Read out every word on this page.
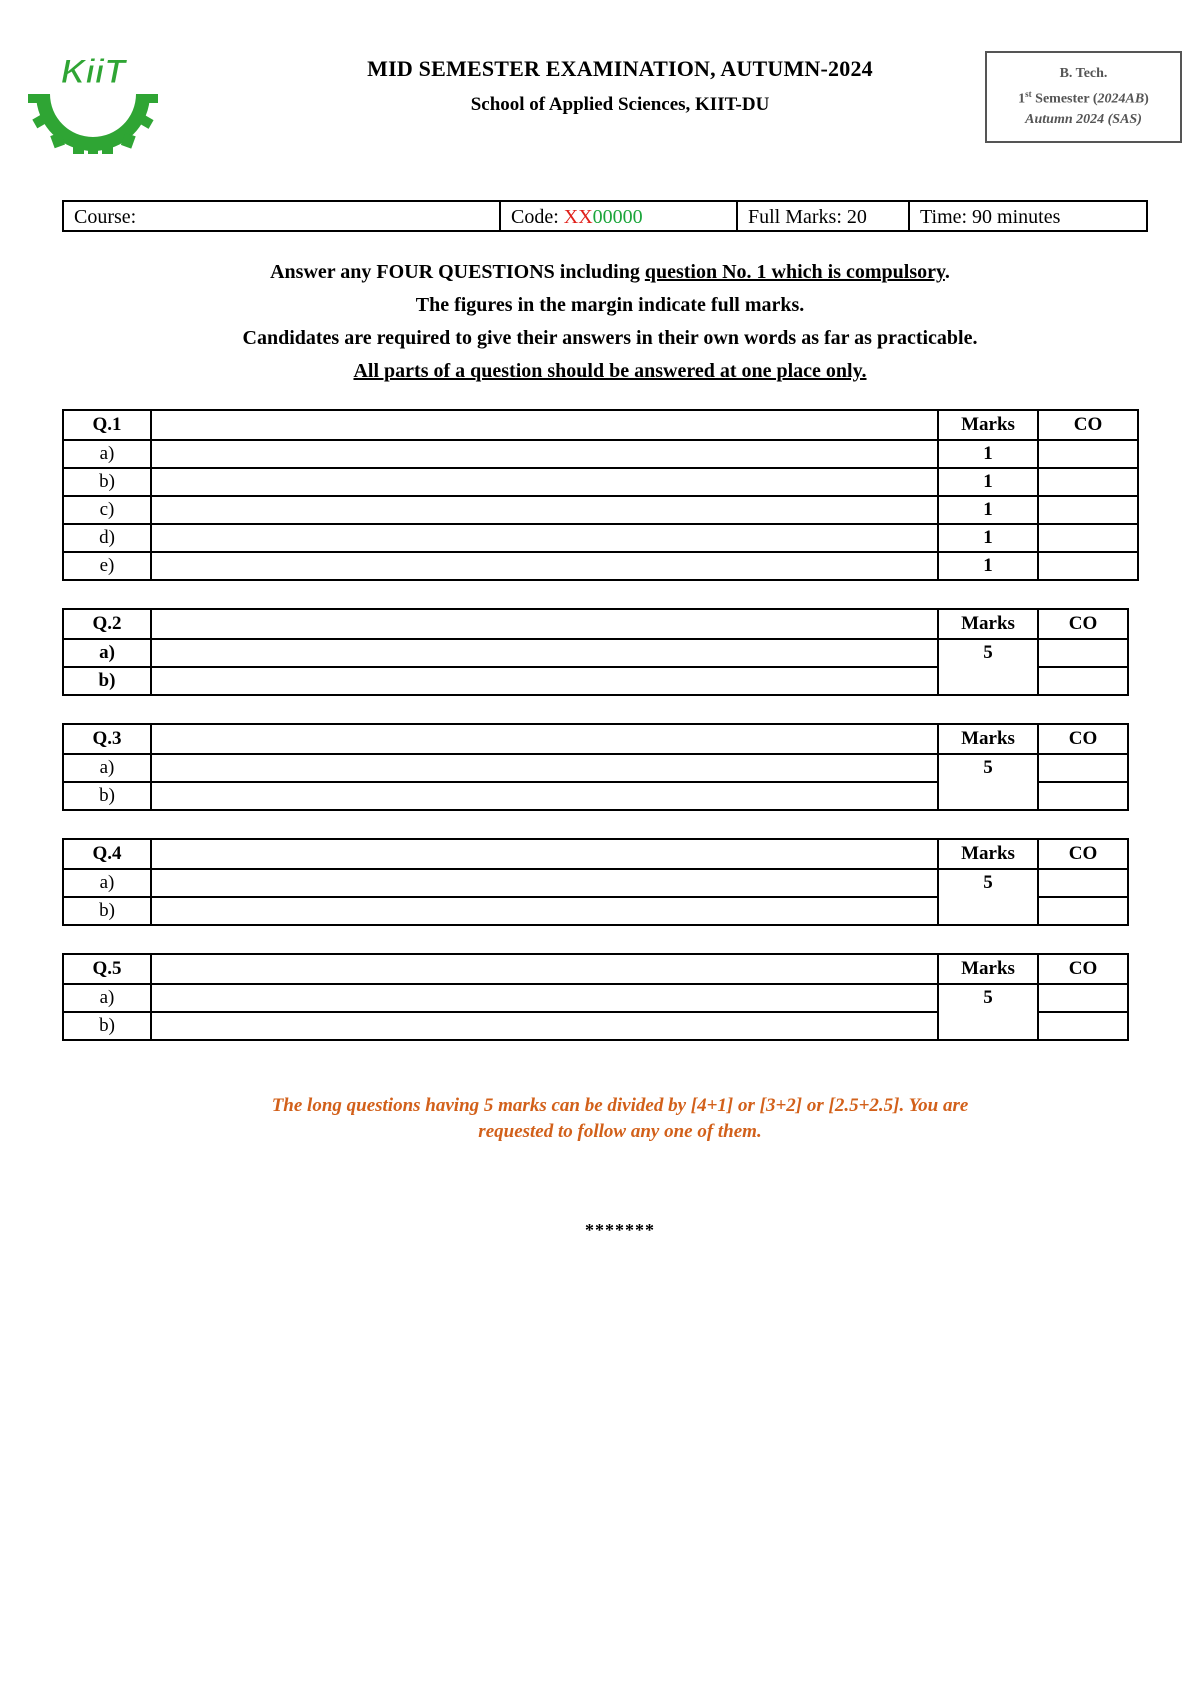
KiiT	MID SEMESTER EXAMINATION, AUTUMN-2024
School of Applied Sciences, KIIT-DU
B. Tech.
1st Semester (2024AB)
Autumn 2024 (SAS)
Course:	Code: XX00000	Full Marks: 20	Time: 90 minutes

Answer any FOUR QUESTIONS including question No. 1 which is compulsory.

The figures in the margin indicate full marks.

Candidates are required to give their answers in their own words as far as practicable.

All parts of a question should be answered at one place only.

Q.1		Marks	CO
a)		1	
b)		1	
c)		1	
d)		1	
e)		1	
Q.2		Marks	CO
a)		5	
b)			
Q.3		Marks	CO
a)		5	
b)			
Q.4		Marks	CO
a)		5	
b)			
Q.5		Marks	CO
a)		5	
b)			
The long questions having 5 marks can be divided by [4+1] or [3+2] or [2.5+2.5]. You are
requested to follow any one of them.
*******
